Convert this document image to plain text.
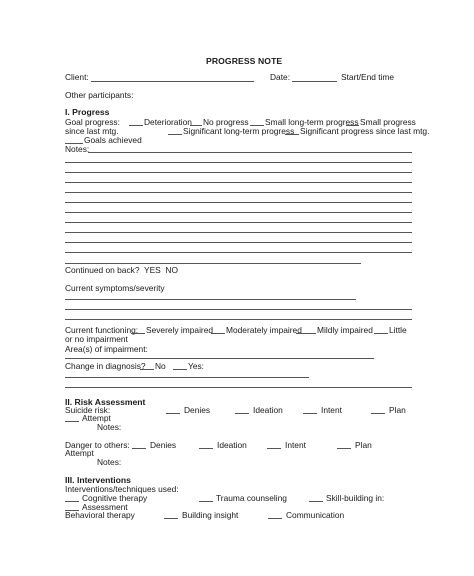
PROGRESS NOTE
Client:	Date:	Start/End time
Other participants:
I. Progress
Goal progress:	Deterioration No progress Small long-term progress Small progress
since last mtg.	Significant long-term progress Significant progress since last mtg.
Goals achieved
Notes:
Continued on back?  YES  NO
Current symptoms/severity
Current functioning: Severely impaired Moderately impaired Mildly impaired Little
or no impairment
Area(s) of impairment:
Change in diagnosis? No	Yes:
II. Risk Assessment
Suicide risk:	Denies	Ideation	Intent	Plan
Attempt
Notes:
Danger to others: Denies	Ideation	Intent	Plan
Attempt
Notes:
III. Interventions
Interventions/techniques used:
Cognitive therapy	Trauma counseling	Skill-building in:
Assessment
Behavioral therapy	Building insight	Communication
